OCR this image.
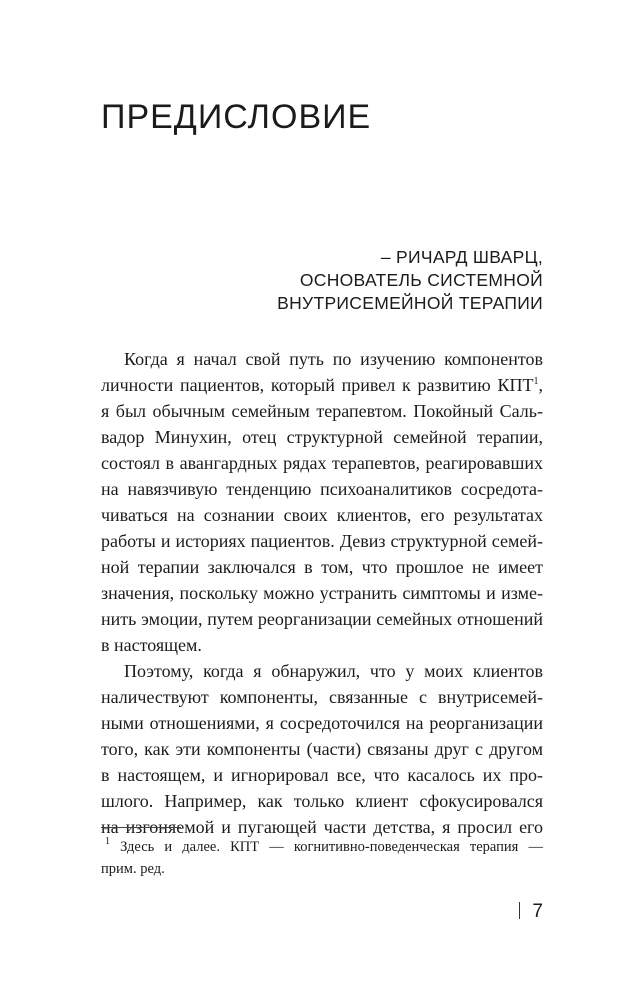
ПРЕДИСЛОВИЕ
– РИЧАРД ШВАРЦ,
ОСНОВАТЕЛЬ СИСТЕМНОЙ
ВНУТРИСЕМЕЙНОЙ ТЕРАПИИ

Когда я начал свой путь по изучению компонентов
личности пациентов, который привел к развитию КПТ$^1$,
я был обычным семейным терапевтом. Покойный Саль-
вадор Минухин, отец структурной семейной терапии,
состоял в авангардных рядах терапевтов, реагировавших
на навязчивую тенденцию психоаналитиков сосредота-
чиваться на сознании своих клиентов, его результатах
работы и историях пациентов. Девиз структурной семей-
ной терапии заключался в том, что прошлое не имеет
значения, поскольку можно устранить симптомы и изме-
нить эмоции, путем реорганизации семейных отношений
в настоящем.

Поэтому, когда я обнаружил, что у моих клиентов
наличествуют компоненты, связанные с внутрисемей-
ными отношениями, я сосредоточился на реорганизации
того, как эти компоненты (части) связаны друг с другом
в настоящем, и игнорировал все, что касалось их про-
шлого. Например, как только клиент сфокусировался
на изгоняемой и пугающей части детства, я просил его

$^1$ Здесь и далее. КПТ — когнитивно-поведенческая терапия —
прим. ред.
7
